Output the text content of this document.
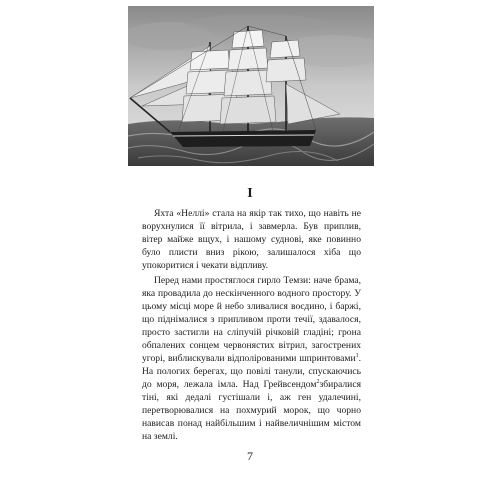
I

Яхта «Неллі» стала на якір так тихо, що навіть не ворухнулися її вітрила, і завмерла. Був приплив, вітер майже вщух, і нашому суднові, яке повинно було плисти вниз рікою, залишалося хіба що упокоритися і чекати відпливу.

Перед нами простяглося гирло Темзи: наче брама, яка провадила до нескінченного водного простору. У цьому місці море й небо зливалися воєдино, і баржі, що піднімалися з припливом проти течії, здавалося, просто застигли на сліпучій річковій гладіні; грона обпалених сонцем червонястих вітрил, загострених угорі, виблискували відполірованими шпринтовами$^1$. На пологих берегах, що повілі танули, спускаючись до моря, лежала імла. Над Грейвсендом$^2$збиралися тіні, які дедалі густішали і, аж ген удалечині, перетворювалися на похмурий морок, що чорно нависав понад найбільшим і найвеличнішим містом на землі.

7
